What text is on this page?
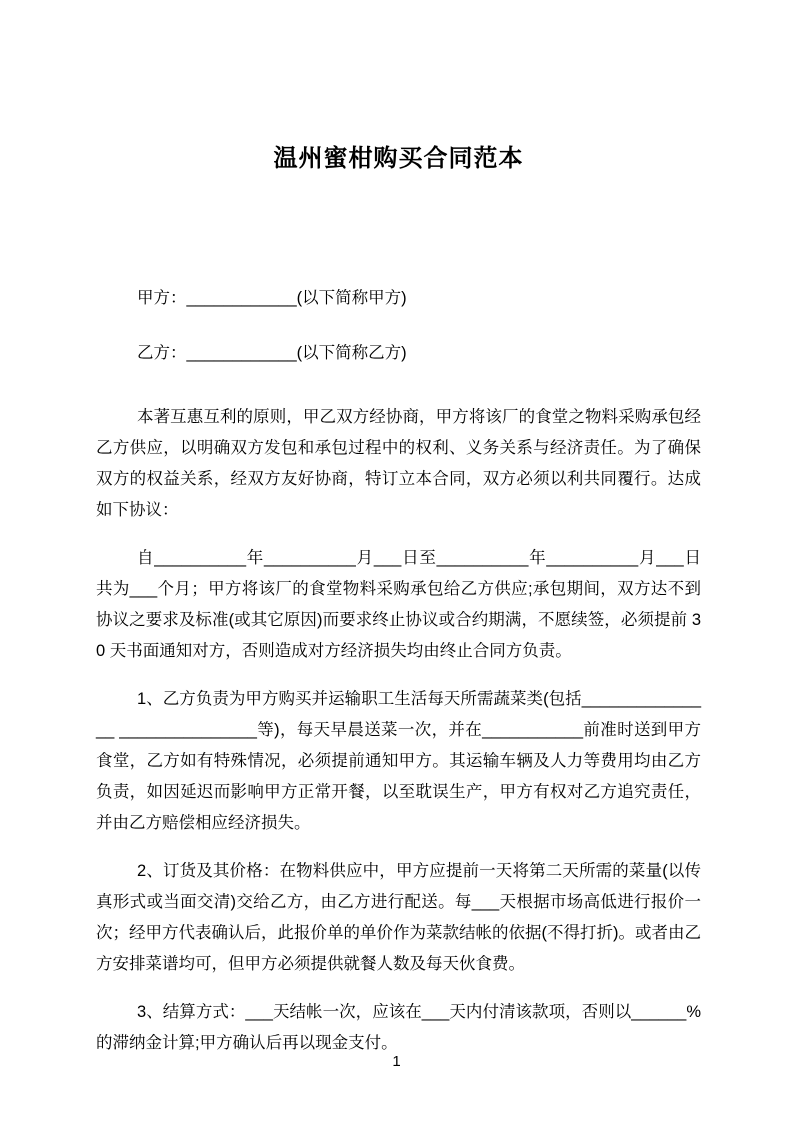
温州蜜柑购买合同范本

甲方：____________(以下简称甲方)

乙方：____________(以下简称乙方)

本著互惠互利的原则，甲乙双方经协商，甲方将该厂的食堂之物料采购承包经乙方供应，以明确双方发包和承包过程中的权利、义务关系与经济责任。为了确保双方的权益关系，经双方友好协商，特订立本合同，双方必须以利共同覆行。达成如下协议：

自__________年__________月___日至__________年__________月___日共为___个月；甲方将该厂的食堂物料采购承包给乙方供应;承包期间，双方达不到协议之要求及标准(或其它原因)而要求终止协议或合约期满，不愿续签，必须提前 30 天书面通知对方，否则造成对方经济损失均由终止合同方负责。

1、乙方负责为甲方购买并运输职工生活每天所需蔬菜类(包括_______________ _______________等)，每天早晨送菜一次，并在___________前准时送到甲方食堂，乙方如有特殊情况，必须提前通知甲方。其运输车辆及人力等费用均由乙方负责，如因延迟而影响甲方正常开餐，以至耽误生产，甲方有权对乙方追究责任，并由乙方赔偿相应经济损失。

2、订货及其价格：在物料供应中，甲方应提前一天将第二天所需的菜量(以传真形式或当面交清)交给乙方，由乙方进行配送。每___天根据市场高低进行报价一次；经甲方代表确认后，此报价单的单价作为菜款结帐的依据(不得打折)。或者由乙方安排菜谱均可，但甲方必须提供就餐人数及每天伙食费。

3、结算方式：___天结帐一次，应该在___天内付清该款项，否则以______%的滞纳金计算;甲方确认后再以现金支付。

1
